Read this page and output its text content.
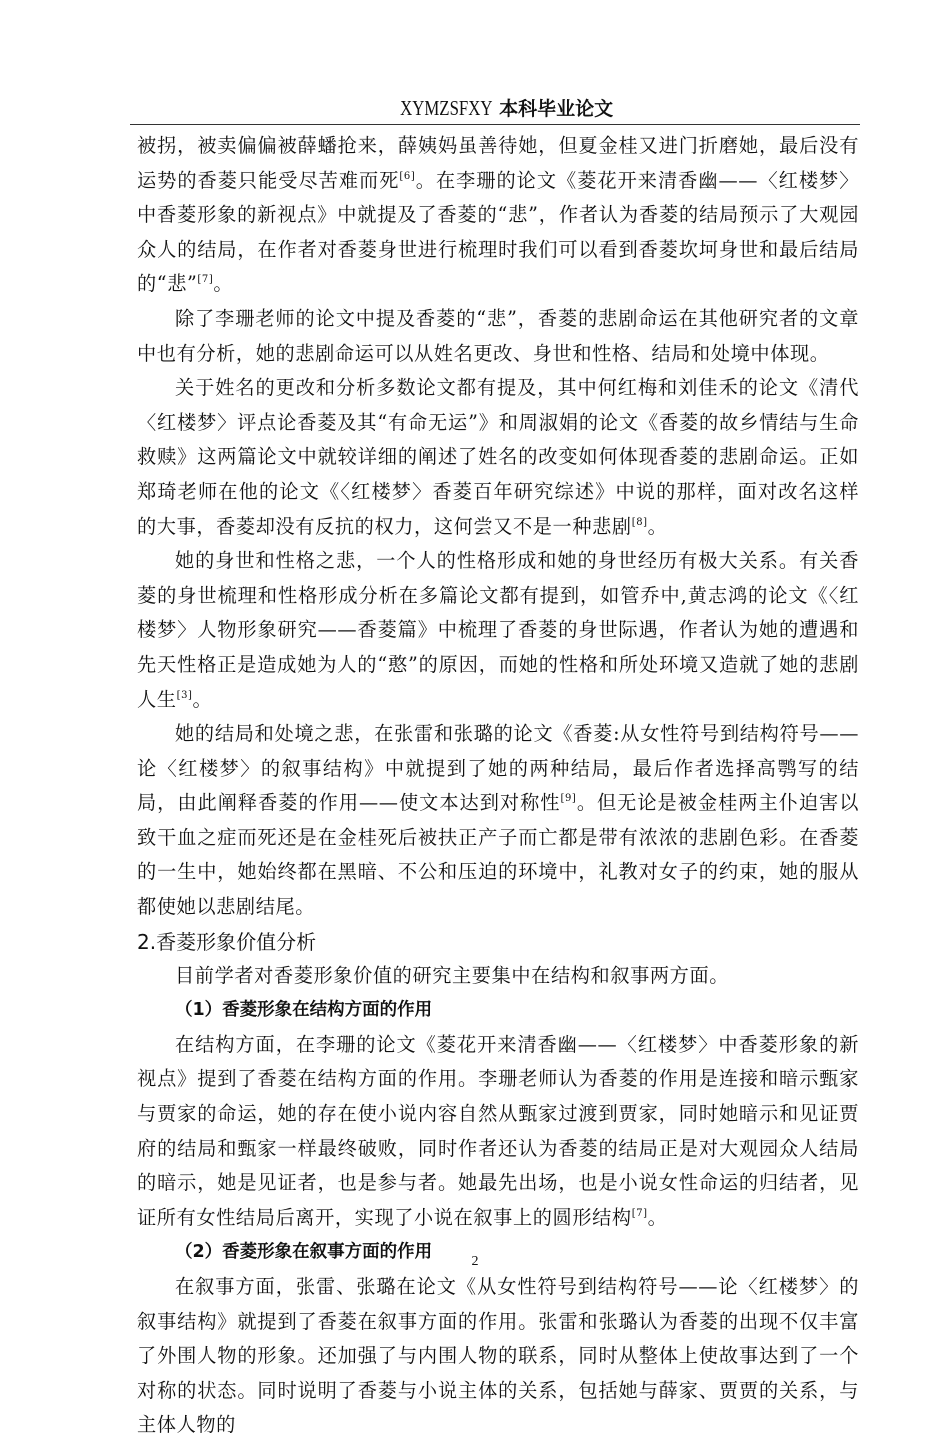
XYMZSFXY 本科毕业论文

被拐，被卖偏偏被薛蟠抢来，薛姨妈虽善待她，但夏金桂又进门折磨她，最后没有运势的香菱只能受尽苦难而死[6]。在李珊的论文《菱花开来清香幽——〈红楼梦〉中香菱形象的新视点》中就提及了香菱的“悲”，作者认为香菱的结局预示了大观园众人的结局，在作者对香菱身世进行梳理时我们可以看到香菱坎坷身世和最后结局的“悲”[7]。

除了李珊老师的论文中提及香菱的“悲”，香菱的悲剧命运在其他研究者的文章中也有分析，她的悲剧命运可以从姓名更改、身世和性格、结局和处境中体现。

关于姓名的更改和分析多数论文都有提及，其中何红梅和刘佳禾的论文《清代〈红楼梦〉评点论香菱及其“有命无运”》和周淑娟的论文《香菱的故乡情结与生命救赎》这两篇论文中就较详细的阐述了姓名的改变如何体现香菱的悲剧命运。正如郑琦老师在他的论文《〈红楼梦〉香菱百年研究综述》中说的那样，面对改名这样的大事，香菱却没有反抗的权力，这何尝又不是一种悲剧[8]。

她的身世和性格之悲，一个人的性格形成和她的身世经历有极大关系。有关香菱的身世梳理和性格形成分析在多篇论文都有提到，如管乔中,黄志鸿的论文《〈红楼梦〉人物形象研究——香菱篇》中梳理了香菱的身世际遇，作者认为她的遭遇和先天性格正是造成她为人的“憨”的原因，而她的性格和所处环境又造就了她的悲剧人生[3]。

她的结局和处境之悲，在张雷和张璐的论文《香菱:从女性符号到结构符号——论〈红楼梦〉的叙事结构》中就提到了她的两种结局，最后作者选择高鹗写的结局，由此阐释香菱的作用——使文本达到对称性[9]。但无论是被金桂两主仆迫害以致干血之症而死还是在金桂死后被扶正产子而亡都是带有浓浓的悲剧色彩。在香菱的一生中，她始终都在黑暗、不公和压迫的环境中，礼教对女子的约束，她的服从都使她以悲剧结尾。

2.香菱形象价值分析

目前学者对香菱形象价值的研究主要集中在结构和叙事两方面。

（1）香菱形象在结构方面的作用

在结构方面，在李珊的论文《菱花开来清香幽——〈红楼梦〉中香菱形象的新视点》提到了香菱在结构方面的作用。李珊老师认为香菱的作用是连接和暗示甄家与贾家的命运，她的存在使小说内容自然从甄家过渡到贾家，同时她暗示和见证贾府的结局和甄家一样最终破败，同时作者还认为香菱的结局正是对大观园众人结局的暗示，她是见证者，也是参与者。她最先出场，也是小说女性命运的归结者，见证所有女性结局后离开，实现了小说在叙事上的圆形结构[7]。

（2）香菱形象在叙事方面的作用

在叙事方面，张雷、张璐在论文《从女性符号到结构符号——论〈红楼梦〉的叙事结构》就提到了香菱在叙事方面的作用。张雷和张璐认为香菱的出现不仅丰富了外围人物的形象。还加强了与内围人物的联系，同时从整体上使故事达到了一个对称的状态。同时说明了香菱与小说主体的关系，包括她与薛家、贾贾的关系，与主体人物的

2
